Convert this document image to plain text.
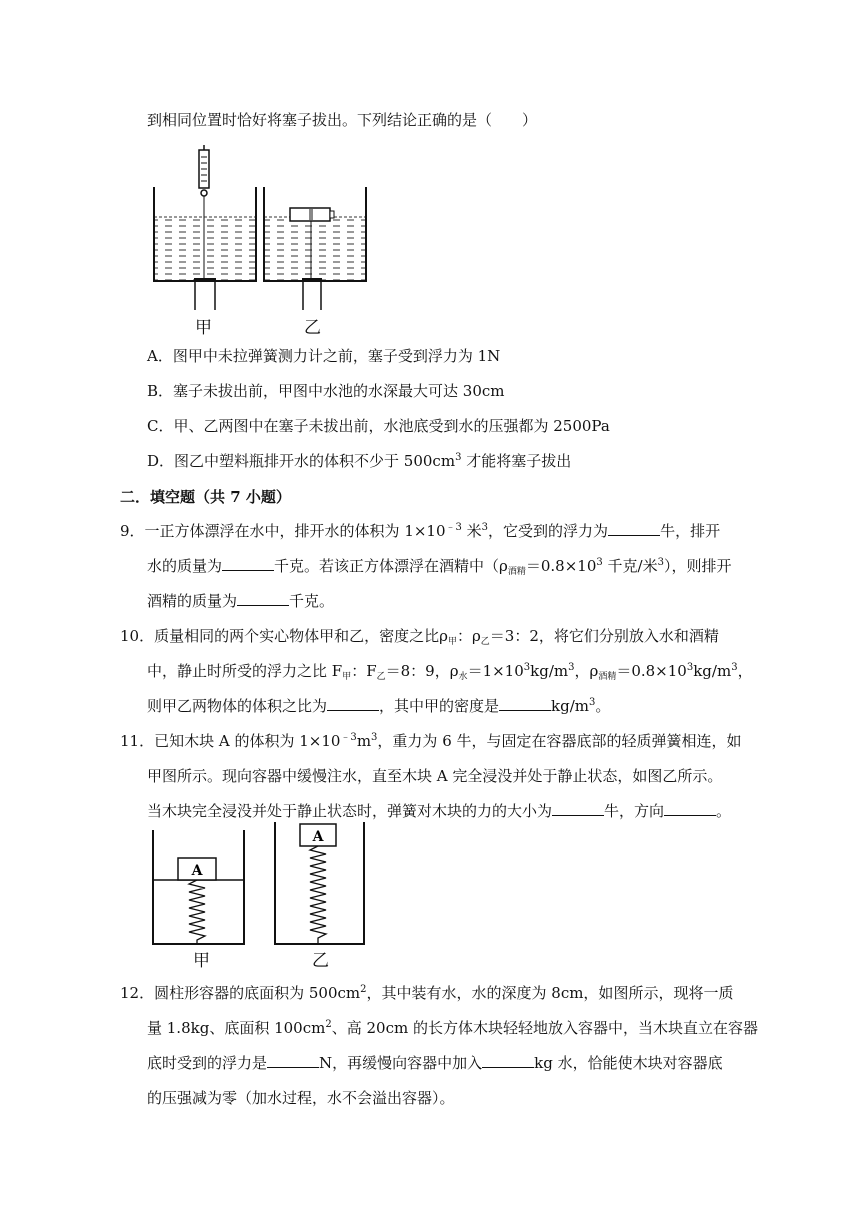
到相同位置时恰好将塞子拔出。下列结论正确的是（　　）
甲	乙
A．图甲中未拉弹簧测力计之前，塞子受到浮力为 1N
B．塞子未拔出前，甲图中水池的水深最大可达 30cm
C．甲、乙两图中在塞子未拔出前，水池底受到水的压强都为 2500Pa
D．图乙中塑料瓶排开水的体积不少于 $500cm^3$ 才能将塞子拔出
二．填空题（共 7 小题）
9．一正方体漂浮在水中，排开水的体积为 $1\times 10^{﹣3}$ 米$^3$，它受到的浮力为	牛，排开
水的质量为	千克。若该正方体漂浮在酒精中（$\rho_{酒精}=0.8\times 10^3$ 千克/米$^3$），则排开
酒精的质量为	千克。
10．质量相同的两个实心物体甲和乙，密度之比$\rho_甲$：$\rho_乙=3$：2，将它们分别放入水和酒精
中，静止时所受的浮力之比 $F_甲$：$F_乙=8$：9，$\rho_水=1\times 10^3kg/m^3$，$\rho_{酒精}=0.8\times 10^3kg/m^3$，
则甲乙两物体的体积之比为	，其中甲的密度是	$kg/m^3$。
11．已知木块 A 的体积为 $1\times 10^{﹣3}m^3$，重力为 6 牛，与固定在容器底部的轻质弹簧相连，如
甲图所示。现向容器中缓慢注水，直至木块 A 完全浸没并处于静止状态，如图乙所示。
当木块完全浸没并处于静止状态时，弹簧对木块的力的大小为	牛，方向	。
A
A
甲	乙
12．圆柱形容器的底面积为 $500cm^2$，其中装有水，水的深度为 8cm，如图所示，现将一质
量 1.8kg、底面积 $100cm^2$、高 20cm 的长方体木块轻轻地放入容器中，当木块直立在容器
底时受到的浮力是	N，再缓慢向容器中加入	kg 水，恰能使木块对容器底
的压强减为零（加水过程，水不会溢出容器）。
